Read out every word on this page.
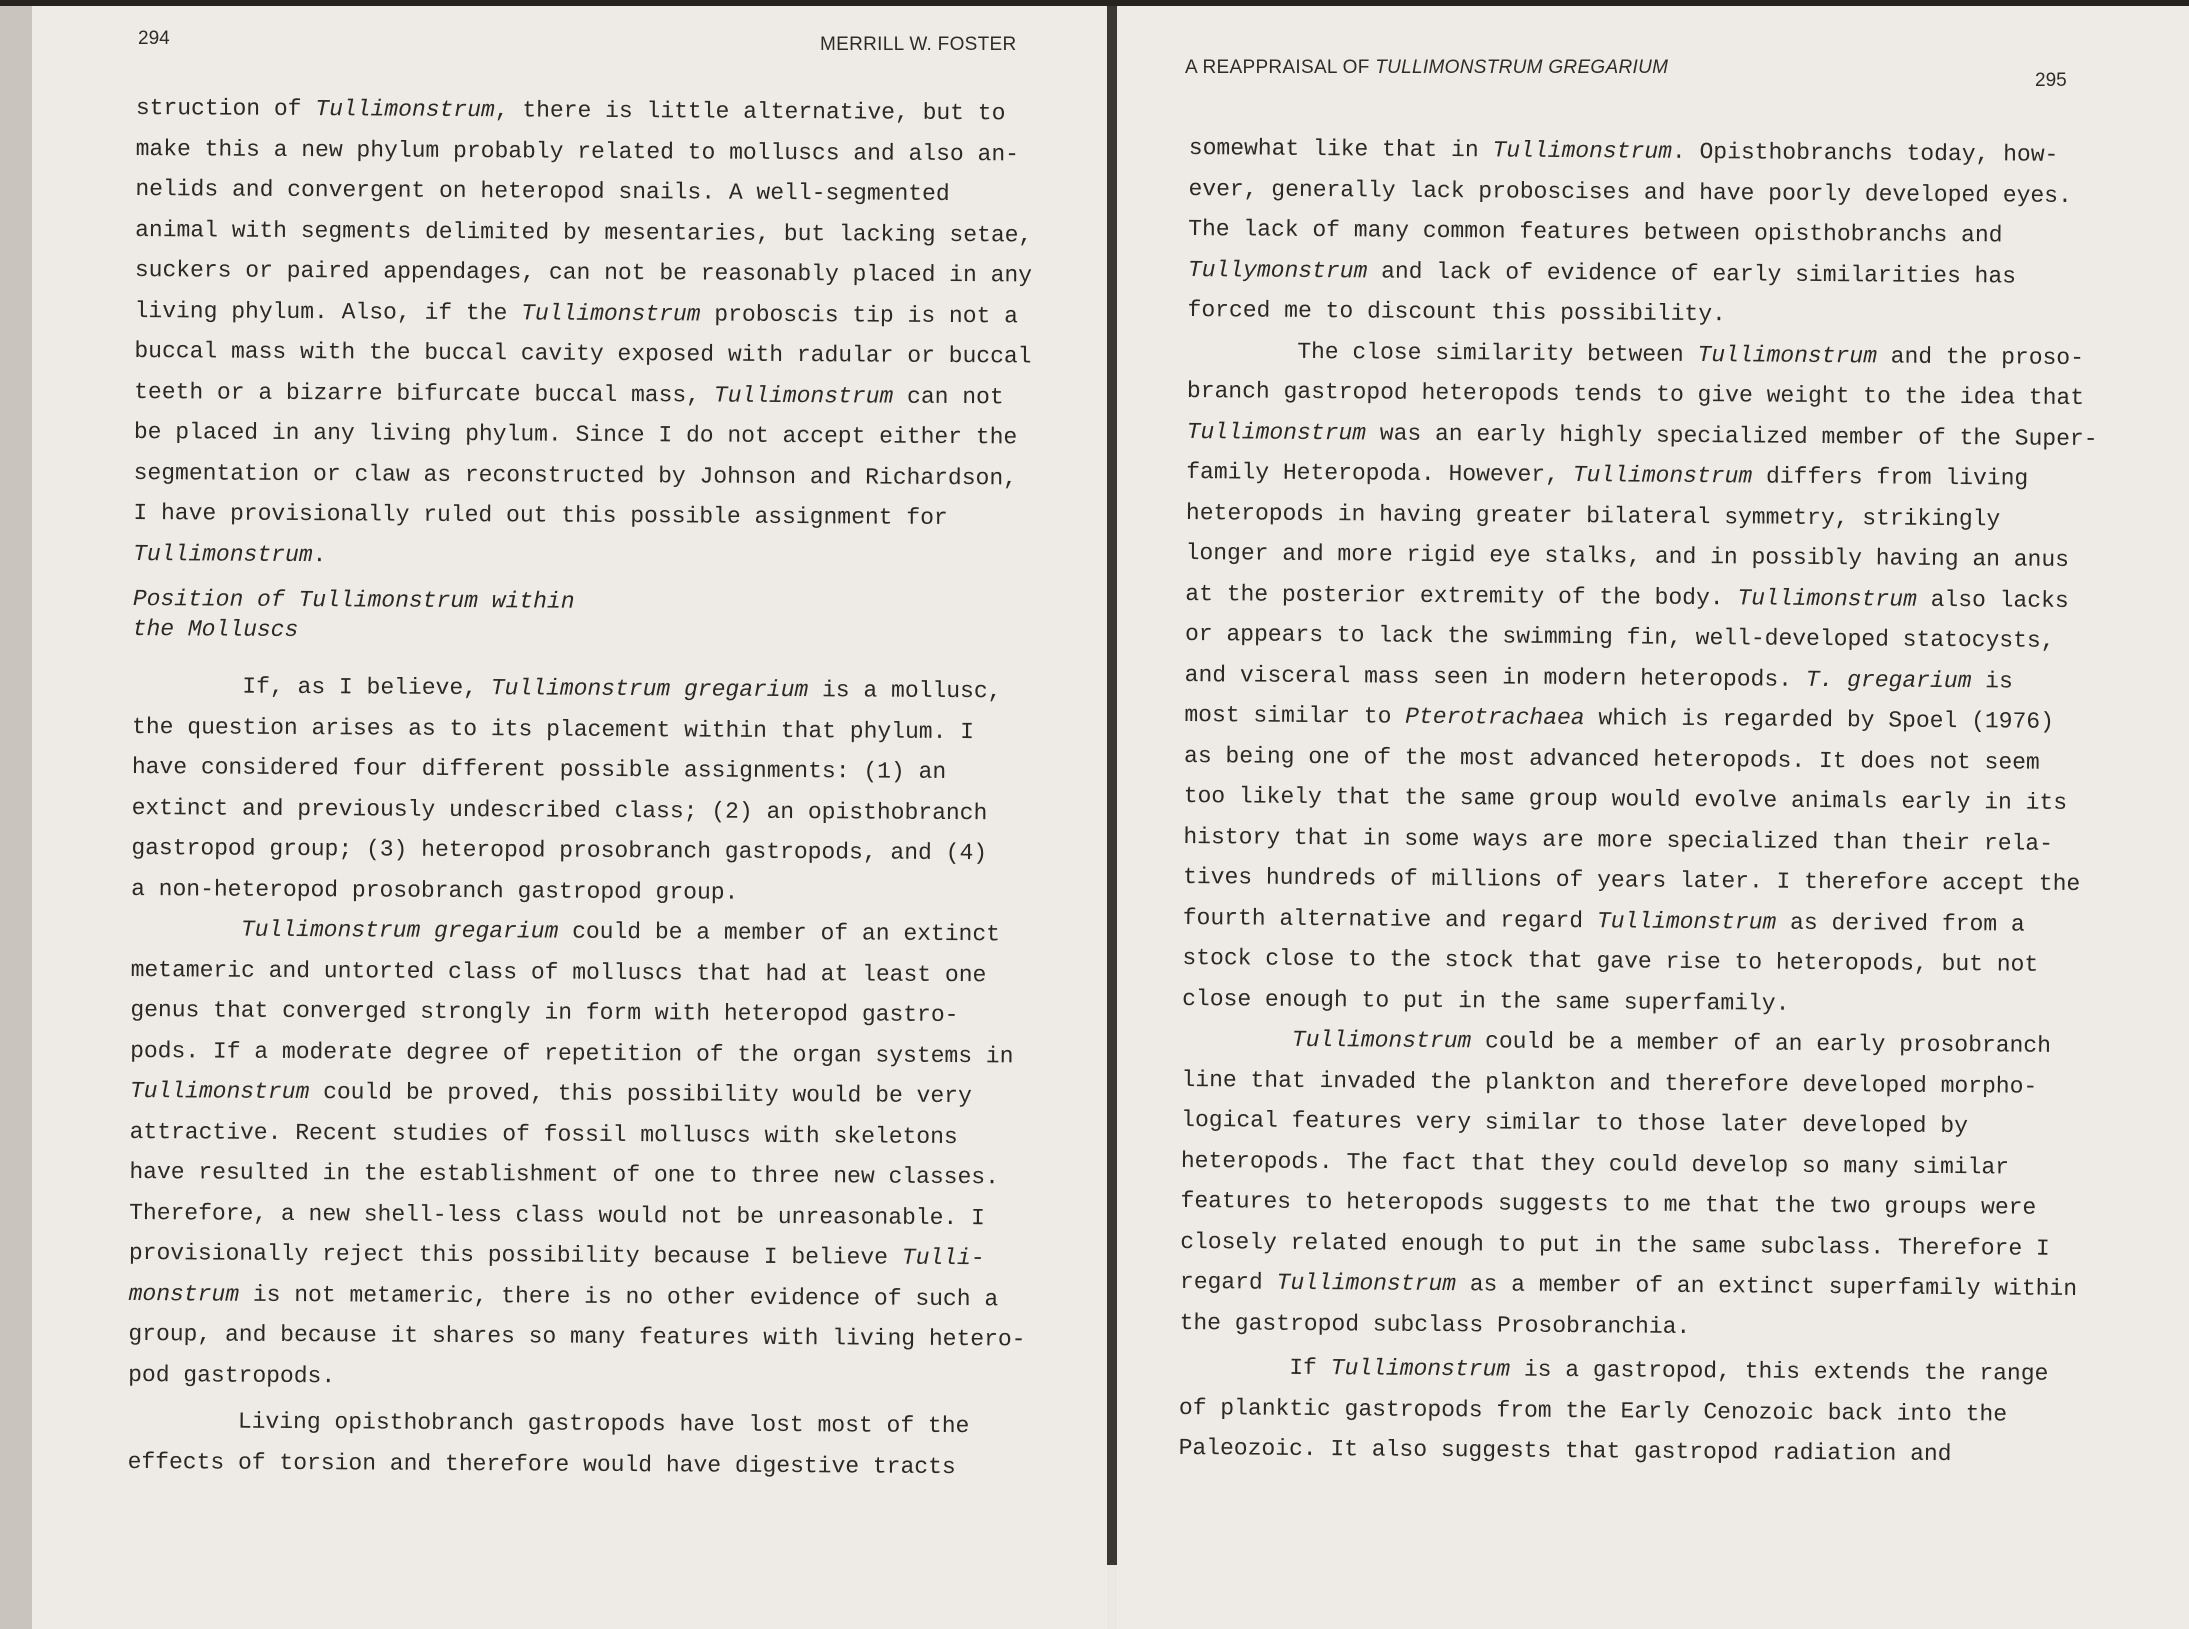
294	MERRILL W. FOSTER
struction of Tullimonstrum, there is little alternative, but to
make this a new phylum probably related to molluscs and also an-
nelids and convergent on heteropod snails. A well-segmented
animal with segments delimited by mesentaries, but lacking setae,
suckers or paired appendages, can not be reasonably placed in any
living phylum. Also, if the Tullimonstrum proboscis tip is not a
buccal mass with the buccal cavity exposed with radular or buccal
teeth or a bizarre bifurcate buccal mass, Tullimonstrum can not
be placed in any living phylum. Since I do not accept either the
segmentation or claw as reconstructed by Johnson and Richardson,
I have provisionally ruled out this possible assignment for
Tullimonstrum.
Position of Tullimonstrum within
the Molluscs
If, as I believe, Tullimonstrum gregarium is a mollusc,
the question arises as to its placement within that phylum. I
have considered four different possible assignments: (1) an
extinct and previously undescribed class; (2) an opisthobranch
gastropod group; (3) heteropod prosobranch gastropods, and (4)
a non-heteropod prosobranch gastropod group.
Tullimonstrum gregarium could be a member of an extinct
metameric and untorted class of molluscs that had at least one
genus that converged strongly in form with heteropod gastro-
pods. If a moderate degree of repetition of the organ systems in
Tullimonstrum could be proved, this possibility would be very
attractive. Recent studies of fossil molluscs with skeletons
have resulted in the establishment of one to three new classes.
Therefore, a new shell-less class would not be unreasonable. I
provisionally reject this possibility because I believe Tulli-
monstrum is not metameric, there is no other evidence of such a
group, and because it shares so many features with living hetero-
pod gastropods.
Living opisthobranch gastropods have lost most of the
effects of torsion and therefore would have digestive tracts
A REAPPRAISAL OF TULLIMONSTRUM GREGARIUM
295
somewhat like that in Tullimonstrum. Opisthobranchs today, how-
ever, generally lack proboscises and have poorly developed eyes.
The lack of many common features between opisthobranchs and
Tullymonstrum and lack of evidence of early similarities has
forced me to discount this possibility.
The close similarity between Tullimonstrum and the proso-
branch gastropod heteropods tends to give weight to the idea that
Tullimonstrum was an early highly specialized member of the Super-
family Heteropoda. However, Tullimonstrum differs from living
heteropods in having greater bilateral symmetry, strikingly
longer and more rigid eye stalks, and in possibly having an anus
at the posterior extremity of the body. Tullimonstrum also lacks
or appears to lack the swimming fin, well-developed statocysts,
and visceral mass seen in modern heteropods. T. gregarium is
most similar to Pterotrachaea which is regarded by Spoel (1976)
as being one of the most advanced heteropods. It does not seem
too likely that the same group would evolve animals early in its
history that in some ways are more specialized than their rela-
tives hundreds of millions of years later. I therefore accept the
fourth alternative and regard Tullimonstrum as derived from a
stock close to the stock that gave rise to heteropods, but not
close enough to put in the same superfamily.
Tullimonstrum could be a member of an early prosobranch
line that invaded the plankton and therefore developed morpho-
logical features very similar to those later developed by
heteropods. The fact that they could develop so many similar
features to heteropods suggests to me that the two groups were
closely related enough to put in the same subclass. Therefore I
regard Tullimonstrum as a member of an extinct superfamily within
the gastropod subclass Prosobranchia.
If Tullimonstrum is a gastropod, this extends the range
of planktic gastropods from the Early Cenozoic back into the
Paleozoic. It also suggests that gastropod radiation and
